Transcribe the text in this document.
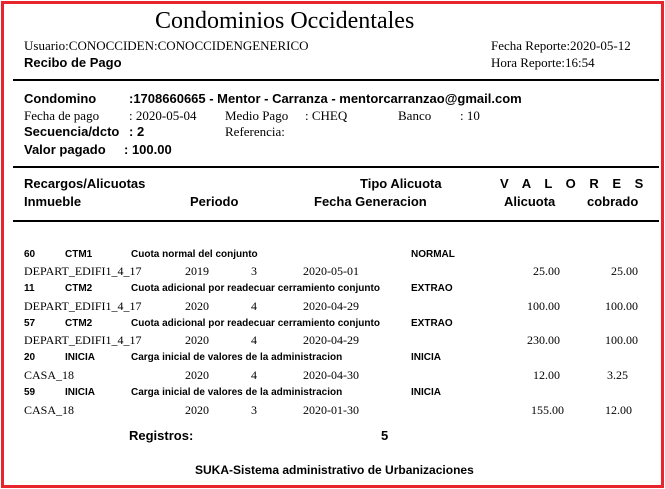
Condominios Occidentales
Usuario:CONOCCIDEN:CONOCCIDENGENERICO
Recibo de Pago
Fecha Reporte:2020-05-12
Hora Reporte:16:54
Condomino	:1708660665 - Mentor - Carranza - mentorcarranzao@gmail.com
Fecha de pago : 2020-05-04 Medio Pago : CHEQ	Banco : 10
Secuencia/dcto : 2	Referencia:
Valor pagado : 100.00
Recargos/Alicuotas	Tipo Alicuota	V A L O R E S
Inmueble	Periodo	Fecha Generacion	Alicuota cobrado
60	CTM1	Cuota normal del conjunto	NORMAL
DEPART_EDIFI1_4_17	2019	3	2020-05-01	25.00	25.00
11	CTM2	Cuota adicional por readecuar cerramiento conjunto	EXTRAO
DEPART_EDIFI1_4_17	2020	4	2020-04-29	100.00	100.00
57	CTM2	Cuota adicional por readecuar cerramiento conjunto	EXTRAO
DEPART_EDIFI1_4_17	2020	4	2020-04-29	230.00	100.00
20	INICIA	Carga inicial de valores de la administracion	INICIA
CASA_18	2020	4	2020-04-30	12.00	3.25
59	INICIA	Carga inicial de valores de la administracion	INICIA
CASA_18	2020	3	2020-01-30	155.00	12.00
Registros:	5
SUKA-Sistema administrativo de Urbanizaciones
